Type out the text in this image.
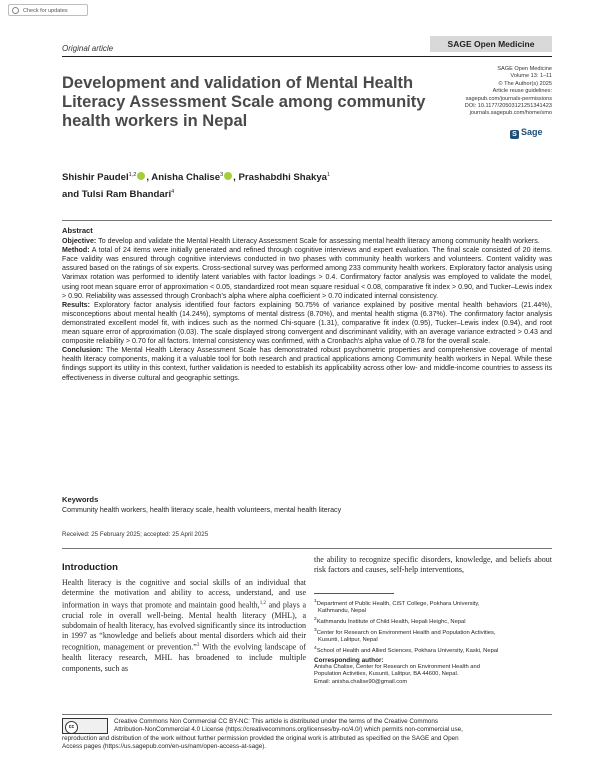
Check for updates
Original article	SAGE Open Medicine
SAGE Open Medicine
Volume 13: 1–11
© The Author(s) 2025
Article reuse guidelines:
sagepub.com/journals-permissions
DOI: 10.1177/20503121251341423
journals.sagepub.com/home/smo
S Sage
Development and validation of Mental Health Literacy Assessment Scale among community health workers in Nepal
Shishir Paudel$^{1,2}$ , Anisha Chalise$^3$ , Prashabdhi Shakya$^1$
and Tulsi Ram Bhandari$^4$
Abstract

Objective: To develop and validate the Mental Health Literacy Assessment Scale for assessing mental health literacy among community health workers.

Method: A total of 24 items were initially generated and refined through cognitive interviews and expert evaluation. The final scale consisted of 20 items. Face validity was ensured through cognitive interviews conducted in two phases with community health workers and volunteers. Content validity was assured based on the ratings of six experts. Cross-sectional survey was performed among 233 community health workers. Exploratory factor analysis using Varimax rotation was performed to identify latent variables with factor loadings > 0.4. Confirmatory factor analysis was employed to validate the model, using root mean square error of approximation < 0.05, standardized root mean square residual < 0.08, comparative fit index > 0.90, and Tucker–Lewis index > 0.90. Reliability was assessed through Cronbach's alpha where alpha coefficient > 0.70 indicated internal consistency.

Results: Exploratory factor analysis identified four factors explaining 50.75% of variance explained by positive mental health behaviors (21.44%), misconceptions about mental health (14.24%), symptoms of mental distress (8.70%), and mental health stigma (6.37%). The confirmatory factor analysis demonstrated excellent model fit, with indices such as the normed Chi-square (1.31), comparative fit index (0.95), Tucker–Lewis index (0.94), and root mean square error of approximation (0.03). The scale displayed strong convergent and discriminant validity, with an average variance extracted > 0.43 and composite reliability > 0.70 for all factors. Internal consistency was confirmed, with a Cronbach's alpha value of 0.78 for the overall scale.

Conclusion: The Mental Health Literacy Assessment Scale has demonstrated robust psychometric properties and comprehensive coverage of mental health literacy components, making it a valuable tool for both research and practical applications among Community health workers in Nepal. While these findings support its utility in this context, further validation is needed to establish its applicability across other low- and middle-income countries to assess its effectiveness in diverse cultural and geographic settings.

Keywords
Community health workers, health literacy scale, health volunteers, mental health literacy
Received: 25 February 2025; accepted: 25 April 2025
Introduction
Health literacy is the cognitive and social skills of an individual that determine the motivation and ability to access, understand, and use information in ways that promote and maintain good health,$^{1,2}$ and plays a crucial role in overall well-being. Mental health literacy (MHL), a subdomain of health literacy, has evolved significantly since its introduction in 1997 as “knowledge and beliefs about mental disorders which aid their recognition, management or prevention.”$^3$ With the evolving landscape of health literacy research, MHL has broadened to include multiple components, such as
the ability to recognize specific disorders, knowledge, and beliefs about risk factors and causes, self-help interventions,
$^1$Department of Public Health, CiST College, Pokhara University,
Kathmandu, Nepal
$^2$Kathmandu Institute of Child Health, Hepali Heighc, Nepal
$^3$Center for Research on Environment Health and Population Activities,
Kusunti, Lalitpur, Nepal
$^4$School of Health and Allied Sciences, Pokhara University, Kaski, Nepal
Corresponding author:
Anisha Chalise, Center for Research on Environment Health and
Population Activities, Kusunti, Lalitpur, BA 44600, Nepal.
Email: anisha.chalise90@gmail.com
cc
Creative Commons Non Commercial CC BY-NC: This article is distributed under the terms of the Creative Commons
Attribution-NonCommercial 4.0 License (https://creativecommons.org/licenses/by-nc/4.0/) which permits non-commercial use,
reproduction and distribution of the work without further permission provided the original work is attributed as specified on the SAGE and Open
Access pages (https://us.sagepub.com/en-us/nam/open-access-at-sage).
